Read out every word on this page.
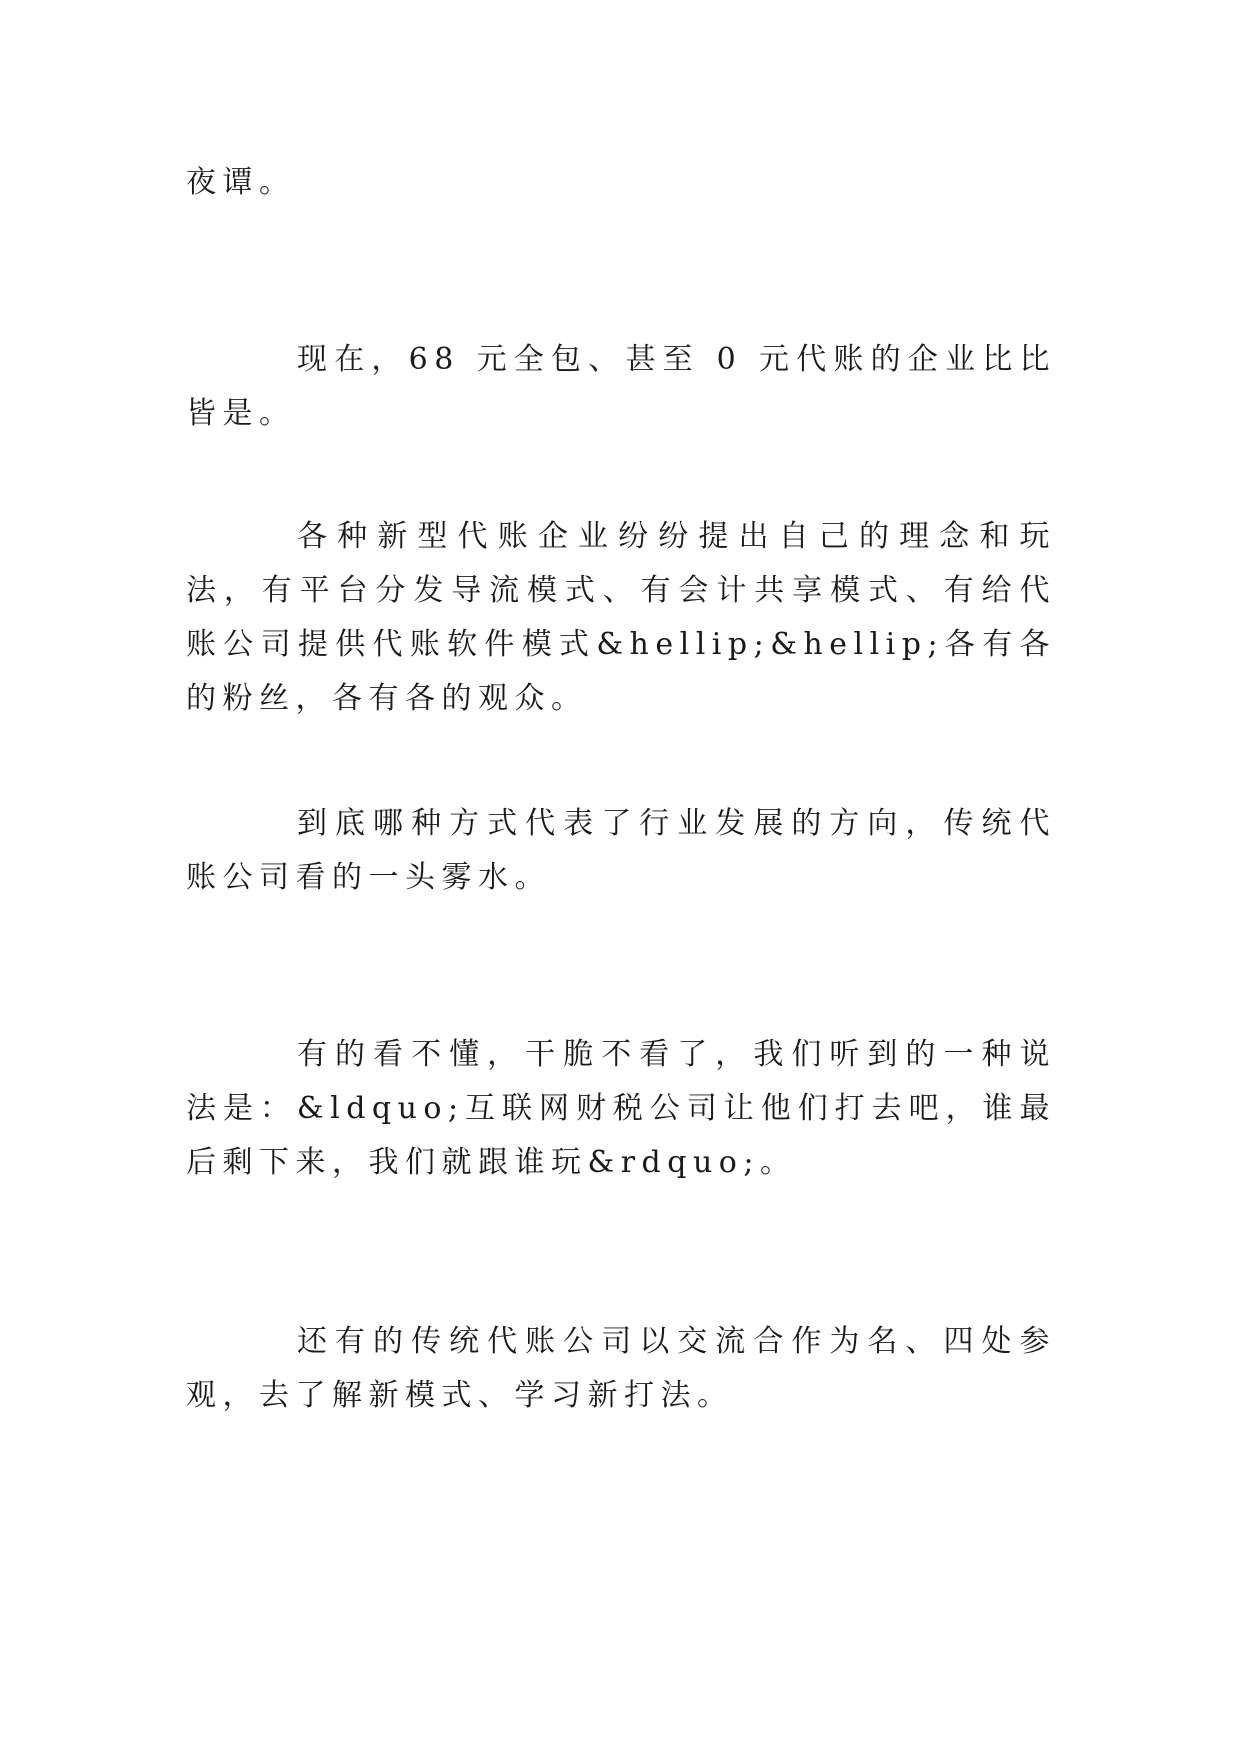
夜谭。

现在，68 元全包、甚至 0 元代账的企业比比皆是。

各种新型代账企业纷纷提出自己的理念和玩法，有平台分发导流模式、有会计共享模式、有给代账公司提供代账软件模式&hellip;&hellip;各有各的粉丝，各有各的观众。

到底哪种方式代表了行业发展的方向，传统代账公司看的一头雾水。

有的看不懂，干脆不看了，我们听到的一种说法是：&ldquo;互联网财税公司让他们打去吧，谁最后剩下来，我们就跟谁玩&rdquo;。

还有的传统代账公司以交流合作为名、四处参观，去了解新模式、学习新打法。
